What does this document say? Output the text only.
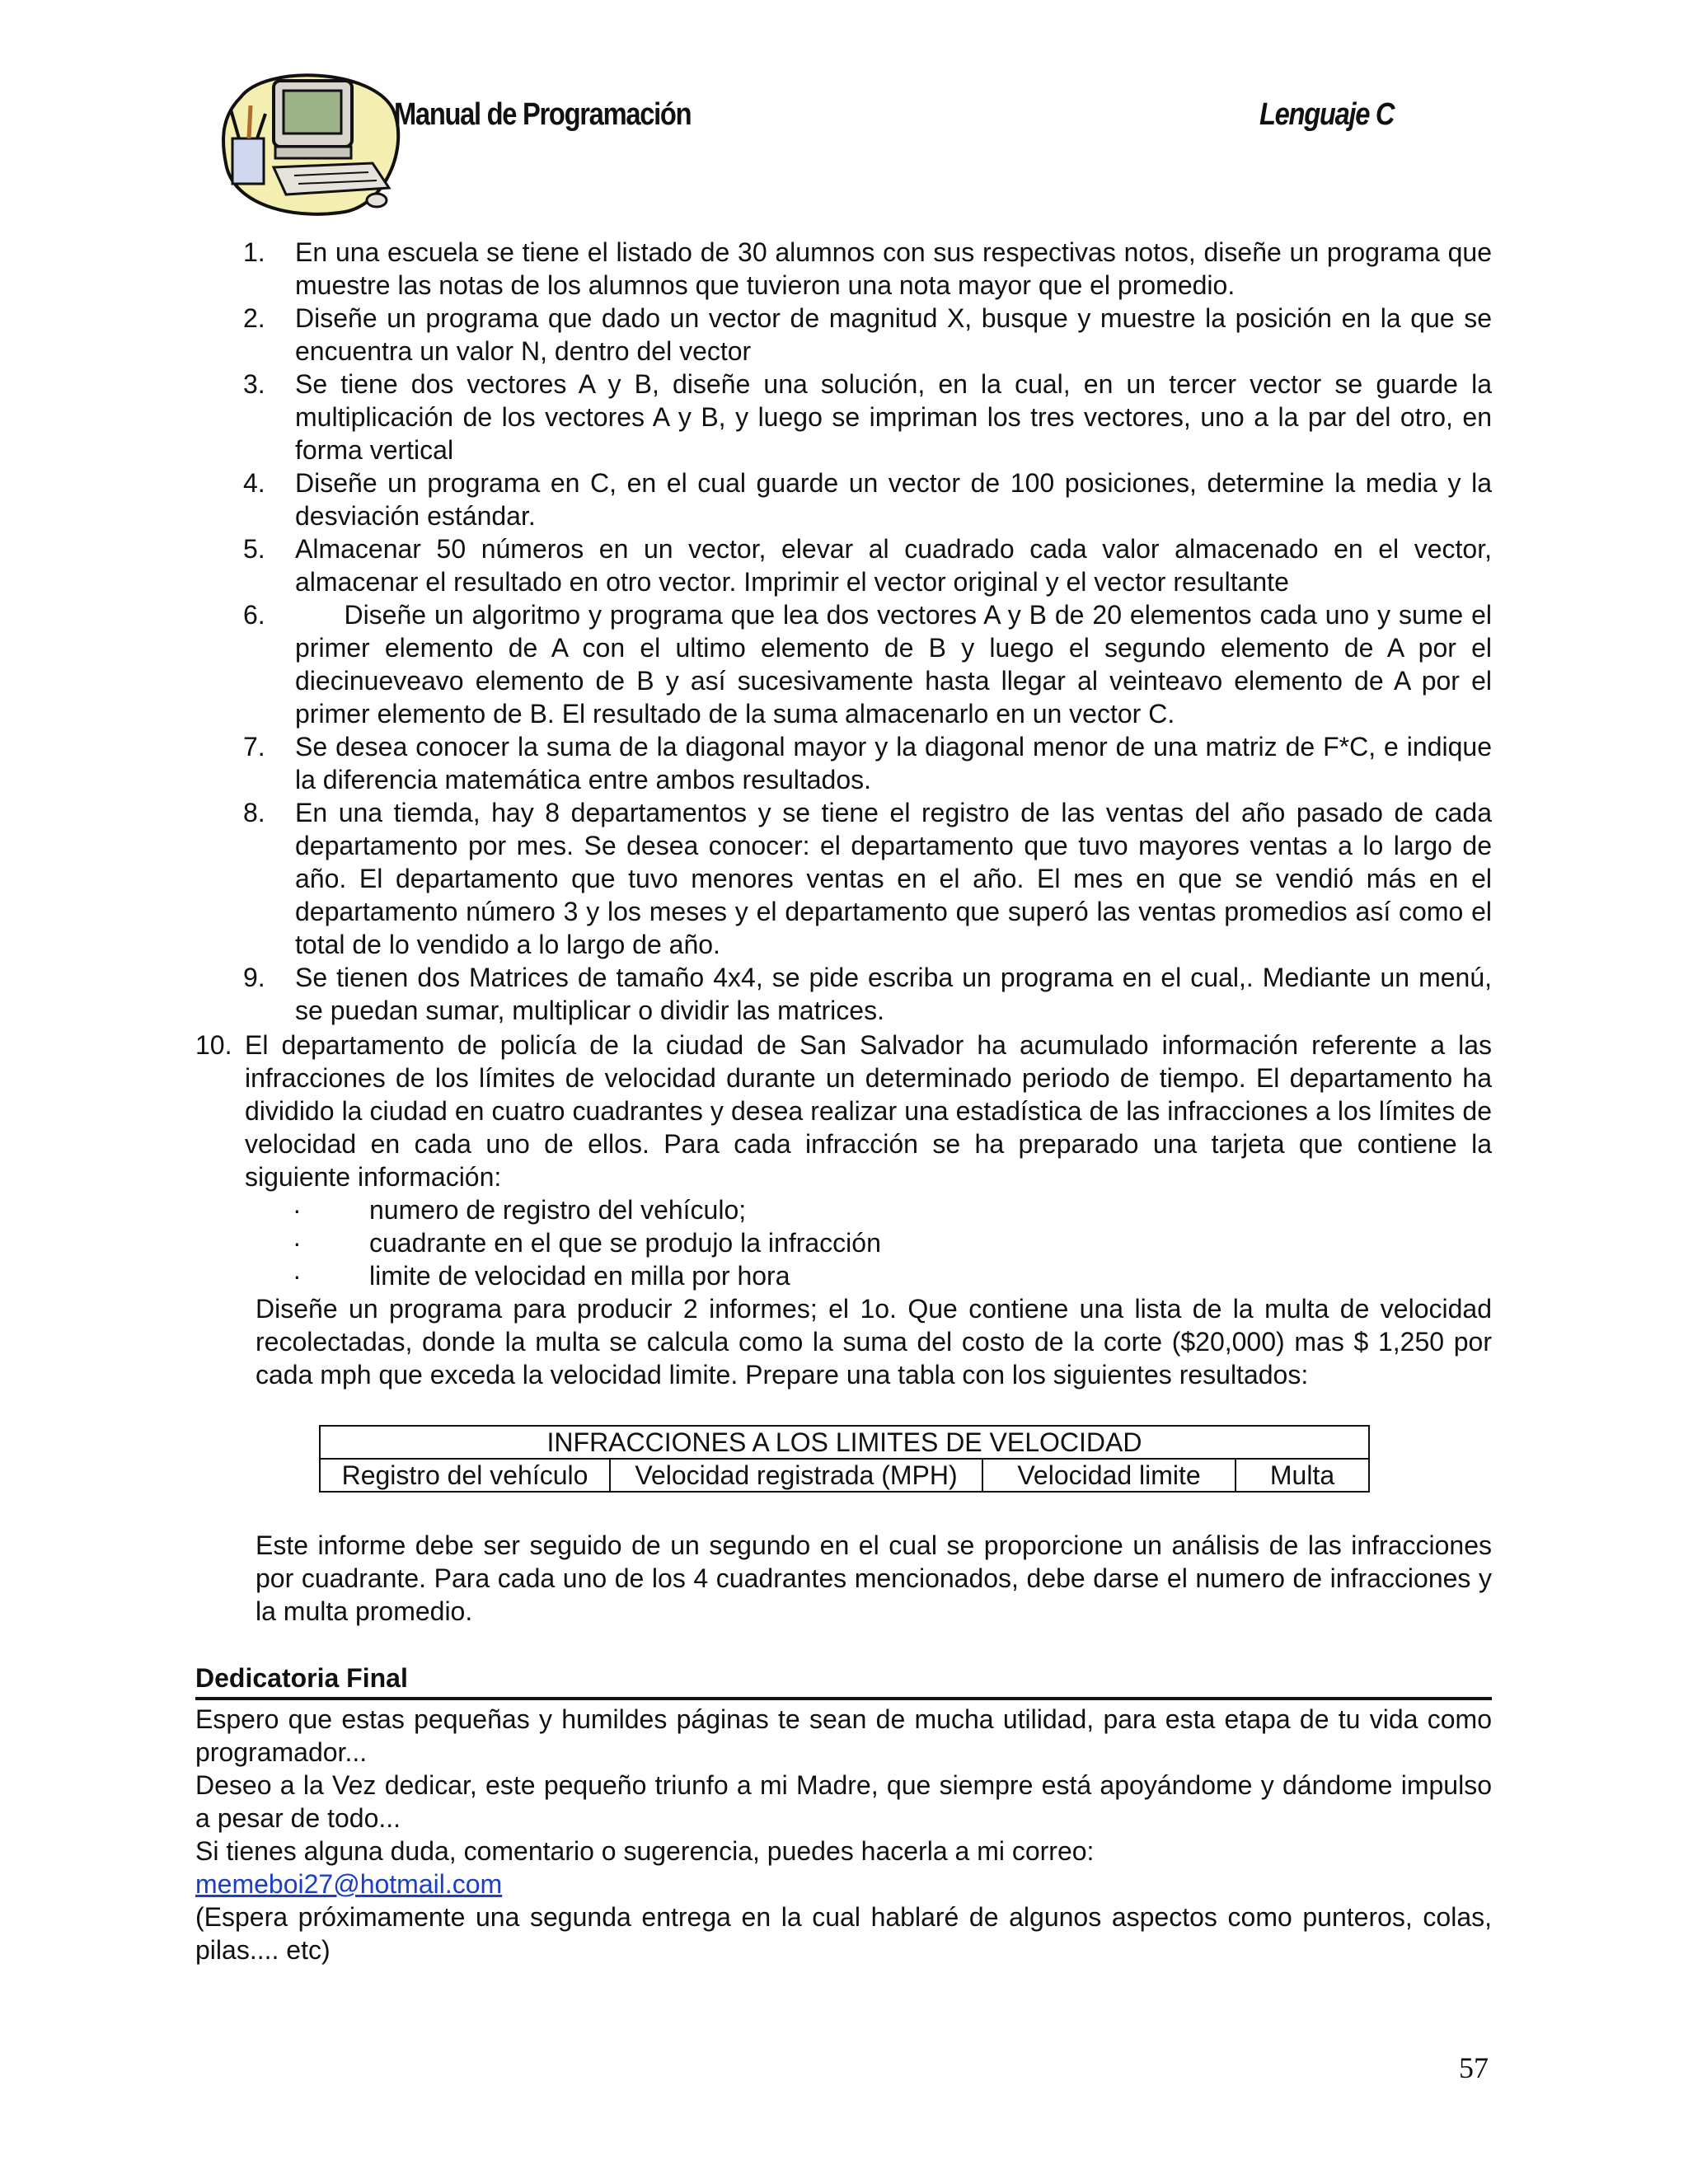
Manual de Programación	Lenguaje C
1.	En una escuela se tiene el listado de 30 alumnos con sus respectivas notos, diseñe un programa que muestre las notas de los alumnos que tuvieron una nota mayor que el promedio.
2.	Diseñe un programa que dado un vector de magnitud X, busque y muestre la posición en la que se encuentra un valor N, dentro del vector
3.	Se tiene dos vectores A y B, diseñe una solución, en la cual, en un tercer vector se guarde la multiplicación de los vectores A y B, y luego se impriman los tres vectores, uno a la par del otro, en forma vertical
4.	Diseñe un programa en C, en el cual guarde un vector de 100 posiciones, determine la media y la desviación estándar.
5.	Almacenar 50 números en un vector, elevar al cuadrado cada valor almacenado en el vector, almacenar el resultado en otro vector. Imprimir el vector original y el vector resultante
6.	Diseñe un algoritmo y programa que lea dos vectores A y B de 20 elementos cada uno y sume el primer elemento de A con el ultimo elemento de B y luego el segundo elemento de A por el diecinueveavo elemento de B y así sucesivamente hasta llegar al veinteavo elemento de A por el primer elemento de B. El resultado de la suma almacenarlo en un vector C.
7.	Se desea conocer la suma de la diagonal mayor y la diagonal menor de una matriz de F*C, e indique la diferencia matemática entre ambos resultados.
8.	En una tiemda, hay 8 departamentos y se tiene el registro de las ventas del año pasado de cada departamento por mes. Se desea conocer: el departamento que tuvo mayores ventas a lo largo de año. El departamento que tuvo menores ventas en el año. El mes en que se vendió más en el departamento número 3 y los meses y el departamento que superó las ventas promedios así como el total de lo vendido a lo largo de año.
9.	Se tienen dos Matrices de tamaño 4x4, se pide escriba un programa en el cual,. Mediante un menú, se puedan sumar, multiplicar o dividir las matrices.
10. El departamento de policía de la ciudad de San Salvador ha acumulado información referente a las infracciones de los límites de velocidad durante un determinado periodo de tiempo. El departamento ha dividido la ciudad en cuatro cuadrantes y desea realizar una estadística de las infracciones a los límites de velocidad en cada uno de ellos. Para cada infracción se ha preparado una tarjeta que contiene la siguiente información:
·	numero de registro del vehículo;
·	cuadrante en el que se produjo la infracción
·	limite de velocidad en milla por hora
Diseñe un programa para producir 2 informes; el 1o. Que contiene una lista de la multa de velocidad recolectadas, donde la multa se calcula como la suma del costo de la corte ($20,000) mas $ 1,250 por cada mph que exceda la velocidad limite. Prepare una tabla con los siguientes resultados:
INFRACCIONES A LOS LIMITES DE VELOCIDAD
Registro del vehículo	Velocidad registrada (MPH)	Velocidad limite	Multa
Este informe debe ser seguido de un segundo en el cual se proporcione un análisis de las infracciones por cuadrante. Para cada uno de los 4 cuadrantes mencionados, debe darse el numero de infracciones y la multa promedio.
Dedicatoria Final

Espero que estas pequeñas y humildes páginas te sean de mucha utilidad, para esta etapa de tu vida como programador...

Deseo a la Vez dedicar, este pequeño triunfo a mi Madre, que siempre está apoyándome y dándome impulso a pesar de todo...

Si tienes alguna duda, comentario o sugerencia, puedes hacerla a mi correo:

memeboi27@hotmail.com

(Espera próximamente una segunda entrega en la cual hablaré de algunos aspectos como punteros, colas, pilas.... etc)

57
